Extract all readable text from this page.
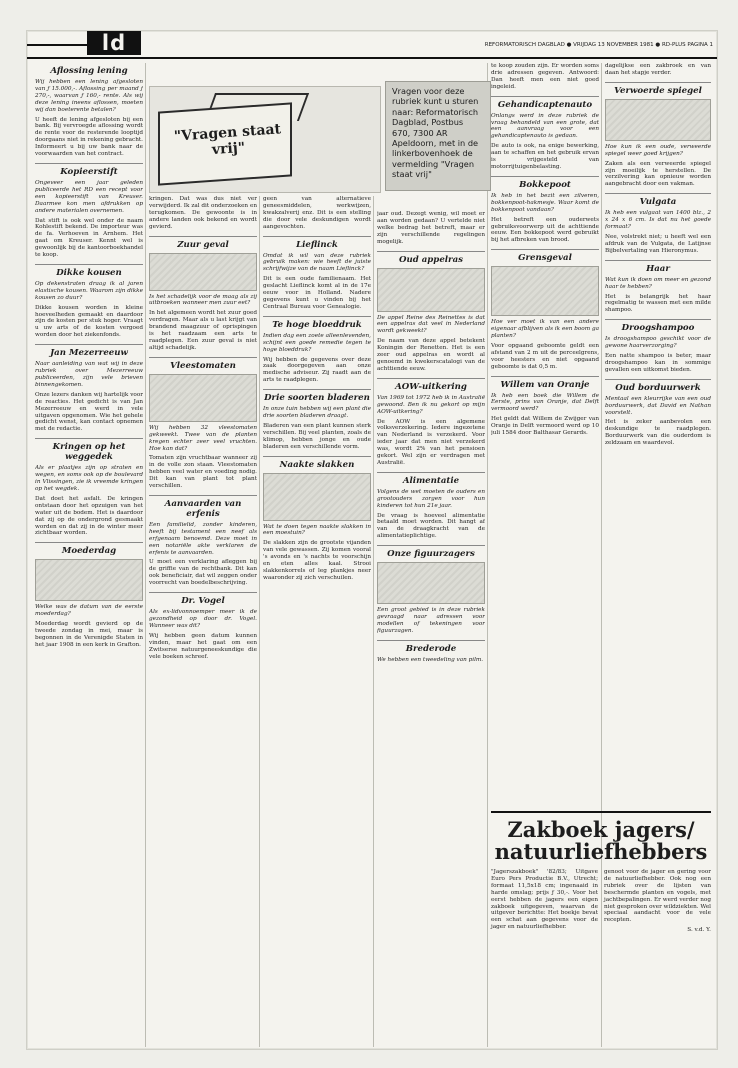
ld	REFORMATORISCH DAGBLAD ● VRIJDAG 13 NOVEMBER 1981 ● RD-PLUS PAGINA 1
"Vragen staat vrij"
Vragen voor deze rubriek kunt u sturen naar: Reformatorisch Dagblad, Postbus 670, 7300 AR Apeldoorn, met in de linkerbovenhoek de vermelding "Vragen staat vrij"
Aflossing lening

Wij hebben een lening afgesloten van ƒ 15.000,-. Aflossing per maand ƒ 270,-, waarvan ƒ 160,- rente. Als wij deze lening ineens aflossen, moeten wij dan boeterente betalen?

U heeft de lening afgesloten bij een bank. Bij vervroegde aflossing wordt de rente voor de resterende looptijd doorgaans niet in rekening gebracht. Informeert u bij uw bank naar de voorwaarden van het contract.

Kopieerstift

Ongeveer een jaar geleden publiceerde het RD een recept voor een kopieerstift van Kreuser. Daarmee kon men afdrukken op andere materialen overnemen.

Dat stift is ook wel onder de naam Kohlestift bekend. De importeur was de fa. Verhoeven in Arnhem. Het gaat om Kreuser. Kennt wel is gewoonlijk bij de kantoorboekhandel te koop.

Dikke kousen

Op dekenstraten draag ik al jaren elastische kousen. Waarom zijn dikke kousen zo duur?

Dikke kousen worden in kleine hoeveelheden gemaakt en daardoor zijn de kosten per stuk hoger. Vraagt u uw arts of de kosten vergoed worden door het ziekenfonds.

Jan Mezerreeuw

Naar aanleiding van wat wij in deze rubriek over Mezerreeuw publiceerden, zijn vele brieven binnengekomen.

Onze lezers danken wij hartelijk voor de reacties. Het gedicht is van Jan Mezerreeuw en werd in vele uitgaven opgenomen. Wie het gehele gedicht wenst, kan contact opnemen met de redactie.

Kringen op het weggedek

Als er plaatjes zijn op straten en wegen, en soms ook op de boulevard in Vlissingen, zie ik vreemde kringen op het wegdek.

Dat doet het asfalt. De kringen ontstaan door het opzuigen van het water uit de bodem. Het is daardoor dat zij op de ondergrond gesmaakt worden en dat zij in de winter meer zichtbaar worden.

Moederdag

Welke was de datum van de eerste moederdag?

Moederdag wordt gevierd op de tweede zondag in mei, maar is begonnen in de Verenigde Staten in het jaar 1908 in een kerk in Grafton.

kringen. Dat was dus niet ver verwijderd. Ik zal dit onderzoeken en terugkomen. De gewoonte is in andere landen ook bekend en wordt gevierd.

Zuur geval

Is het schadelijk voor de maag als zij uitbroeken wanneer men zuur eet?

In het algemeen wordt het zuur goed verdragen. Maar als u last krijgt van brandend maagzuur of oprispingen is het raadzaam een arts te raadplegen. Een zuur geval is niet altijd schadelijk.

Vleestomaten

Wij hebben 32 vleestomaten gekweekt. Twee van de planten kregen echter zeer veel vruchten. Hoe kan dat?

Tomaten zijn vruchtbaar wanneer zij in de volle zon staan. Vleestomaten hebben veel water en voeding nodig. Dit kan van plant tot plant verschillen.

Aanvaarden van erfenis

Een familielid, zonder kinderen, heeft bij testament een neef als erfgenaam benoemd. Deze moet in een notariële akte verklaren de erfenis te aanvaarden.

U moet een verklaring afleggen bij de griffie van de rechtbank. Dit kan ook beneficiair, dat wil zeggen onder voorrecht van boedelbeschrijving.

Dr. Vogel

Als ex-lidvonnoemper meer ik de gezondheid op door dr. Vogel. Wanneer was dit?

Wij hebben geen datum kunnen vinden, maar het gaat om een Zwitserse natuurgeneeskundige die vele boeken schreef.

geen van alternatieve geneesmiddelen, werkwijzen, kwakzalverij enz. Dit is een stelling die door vele deskundigen wordt aangevochten.

Lieflinck

Omdat ik wil van deze rubriek gebruik maken: wie heeft de juiste schrijfwijze van de naam Lieflinck?

Dit is een oude familienaam. Het geslacht Lieflinck komt al in de 17e eeuw voor in Holland. Nadere gegevens kunt u vinden bij het Centraal Bureau voor Genealogie.

Te hoge bloeddruk

Indien dag een zoete alleenlevenden, schijnt een goede remedie tegen te hoge bloeddruk?

Wij hebben de gegevens over deze zaak doorgegeven aan onze medische adviseur. Zij raadt aan de arts te raadplegen.

Drie soorten bladeren

In onze tuin hebben wij een plant die drie soorten bladeren draagt.

Bladeren van een plant kunnen sterk verschillen. Bij veel planten, zoals de klimop, hebben jonge en oude bladeren een verschillende vorm.

Naakte slakken

Wat te doen tegen naakte slakken in een moestuin?

De slakken zijn de grootste vijanden van vele gewassen. Zij komen vooral 's avonds en 's nachts te voorschijn en eten alles kaal. Strooi slakkenkorrels of leg plankjes neer waaronder zij zich verschuilen.

jaar oud. Dezegt wenig, wil moet er aan worden gedaan? U vertelde niet welke bedrag het betreft, maar er zijn verschillende regelingen mogelijk.

Oud appelras

De appel Reine des Reinettes is dat een appelras dat veel in Nederland wordt gekweekt?

De naam van deze appel betekent Koningin der Renetten. Het is een zeer oud appelras en wordt al genoemd in kwekerscatalogi van de achttiende eeuw.

AOW-uitkering

Van 1969 tot 1972 heb ik in Australië gewoond. Ben ik nu gekort op mijn AOW-uitkering?

De AOW is een algemene volksverzekering. Iedere ingezetene van Nederland is verzekerd. Voor ieder jaar dat men niet verzekerd was, wordt 2% van het pensioen gekort. Wel zijn er verdragen met Australië.

Alimentatie

Volgens de wet moeten de ouders en grootouders zorgen voor hun kinderen tot hun 21e jaar.

De vraag is hoeveel alimentatie betaald moet worden. Dit hangt af van de draagkracht van de alimentatieplichtige.

Onze figuurzagers

Een groot gebied is in deze rubriek gevraagd naar adressen voor modellen of tekeningen voor figuurzagen.

Brederode

We hebben een tweedeling van pilm.

te koop zouden zijn. Er worden soms drie adressen gegeven. Antwoord: Dan heeft men een niet goed ingeleid.

Gehandicaptenauto

Onlangs werd in deze rubriek de vraag behandeld van een grote, dat een aanvraag voor een gehandicaptenauto is gedaan.

De auto is ook, na enige bewerking, aan te schaffen en het gebruik ervan is vrijgesteld van motorrijtuigenbelasting.

Bokkepoot

Ik heb in het bezit een zilveren, bokkenpoot-hakmesje. Waar komt de bokkenpoot vandaan?

Het betreft een ouderwets gebruiksvoorwerp uit de achttiende eeuw. Een bokkepoot werd gebruikt bij het afbreken van brood.

Grensgeval

Hoe ver moet ik van een andere eigenaar afblijven als ik een boom ga planten?

Voor opgaand geboomte geldt een afstand van 2 m uit de perceelgrens, voor heesters en niet opgaand geboomte is dat 0,5 m.

Willem van Oranje

Ik heb een boek die Willem de Eerste, prins van Oranje, dat Delft vermoord werd?

Het geldt dat Willem de Zwijger van Oranje in Delft vermoord werd op 10 juli 1584 door Balthasar Gerards.

dagelijkse een zakbroek en van daan het stapje verder.

Verwoerde spiegel

Hoe kun ik een oude, verweerde spiegel weer goed krijgen?

Zaken als een verweerde spiegel zijn moeilijk te herstellen. De verzilvering kan opnieuw worden aangebracht door een vakman.

Vulgata

Ik heb een vulgaat van 1400 blz., 2 x 24 x 6 cm. Is dat nu het goede formaat?

Nee, volstrekt niet; u heeft wel een afdruk van de Vulgata, de Latijnse Bijbelvertaling van Hieronymus.

Haar

Wat kun ik doen om meer en gezond haar te hebben?

Het is belangrijk het haar regelmatig te wassen met een milde shampoo.

Droogshampoo

Is droogshampoo geschikt voor de gewone haarverzorging?

Een natte shampoo is beter, maar droogshampoo kan in sommige gevallen een uitkomst bieden.

Oud borduurwerk

Mentaal een kleurrijke van een oud borduurwerk, dat David en Nathan voorstelt.

Het is zeker aanbevolen een deskundige te raadplegen. Borduurwerk van die ouderdom is zeldzaam en waardevol.

Zakboek jagers/ natuurliefhebbers

"Jagerszakboek" '82/83; Uitgave Euro Pers Productie B.V., Utrecht; formaat 11,5x18 cm; ingenaaid in harde omslag; prijs ƒ 30,-. Voor het eerst hebben de jagers een eigen zakboek uitgegeven, waarvan de uitgever berichtte: Het boekje bevat een schat aan gegevens voor de jager en natuurliefhebber.

genoot voor de jager en gering voor de natuurliefhebber. Ook nog een rubriek over de lijsten van beschermde planten en vogels, met jachtbepalingen. Er werd verder nog niet gesproken over wildziekten. Wel speciaal aandacht voor de vele recepten.

S. v.d. Y.
